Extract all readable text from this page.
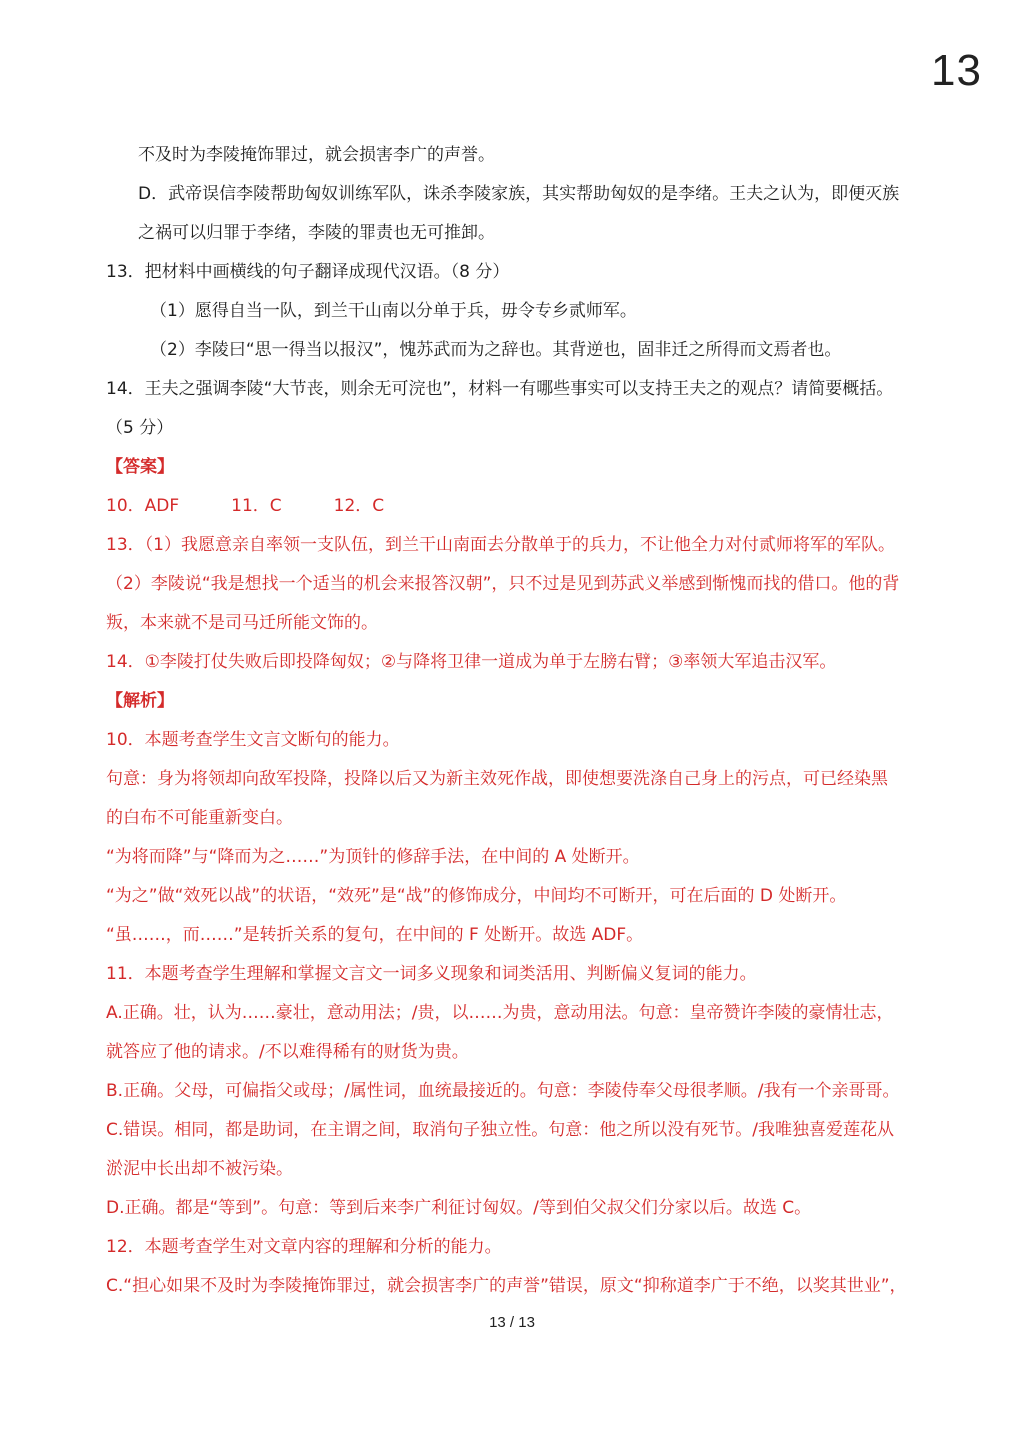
13
不及时为李陵掩饰罪过，就会损害李广的声誉。
D．武帝误信李陵帮助匈奴训练军队，诛杀李陵家族，其实帮助匈奴的是李绪。王夫之认为，即便灭族
之祸可以归罪于李绪，李陵的罪责也无可推卸。
13．把材料中画横线的句子翻译成现代汉语。（8 分）
（1）愿得自当一队，到兰干山南以分单于兵，毋令专乡贰师军。
（2）李陵曰“思一得当以报汉”，愧苏武而为之辞也。其背逆也，固非迁之所得而文焉者也。
14．王夫之强调李陵“大节丧，则余无可浣也”，材料一有哪些事实可以支持王夫之的观点？请简要概括。
（5 分）
【答案】
10．ADF	11．C	12．C
13．（1）我愿意亲自率领一支队伍，到兰干山南面去分散单于的兵力，不让他全力对付贰师将军的军队。
（2）李陵说“我是想找一个适当的机会来报答汉朝”，只不过是见到苏武义举感到惭愧而找的借口。他的背
叛，本来就不是司马迁所能文饰的。
14．①李陵打仗失败后即投降匈奴；②与降将卫律一道成为单于左膀右臂；③率领大军追击汉军。
【解析】
10．本题考查学生文言文断句的能力。
句意：身为将领却向敌军投降，投降以后又为新主效死作战，即使想要洗涤自己身上的污点，可已经染黑
的白布不可能重新变白。
“为将而降”与“降而为之……”为顶针的修辞手法，在中间的 A 处断开。
“为之”做“效死以战”的状语，“效死”是“战”的修饰成分，中间均不可断开，可在后面的 D 处断开。
“虽……，而……”是转折关系的复句，在中间的 F 处断开。故选 ADF。
11．本题考查学生理解和掌握文言文一词多义现象和词类活用、判断偏义复词的能力。
A.正确。壮，认为……豪壮，意动用法；/贵，以……为贵，意动用法。句意：皇帝赞许李陵的豪情壮志，
就答应了他的请求。/不以难得稀有的财货为贵。
B.正确。父母，可偏指父或母；/属性词，血统最接近的。句意：李陵侍奉父母很孝顺。/我有一个亲哥哥。
C.错误。相同，都是助词，在主谓之间，取消句子独立性。句意：他之所以没有死节。/我唯独喜爱莲花从
淤泥中长出却不被污染。
D.正确。都是“等到”。句意：等到后来李广利征讨匈奴。/等到伯父叔父们分家以后。故选 C。
12．本题考查学生对文章内容的理解和分析的能力。
C.“担心如果不及时为李陵掩饰罪过，就会损害李广的声誉”错误，原文“抑称道李广于不绝，以奖其世业”，
13 / 13
